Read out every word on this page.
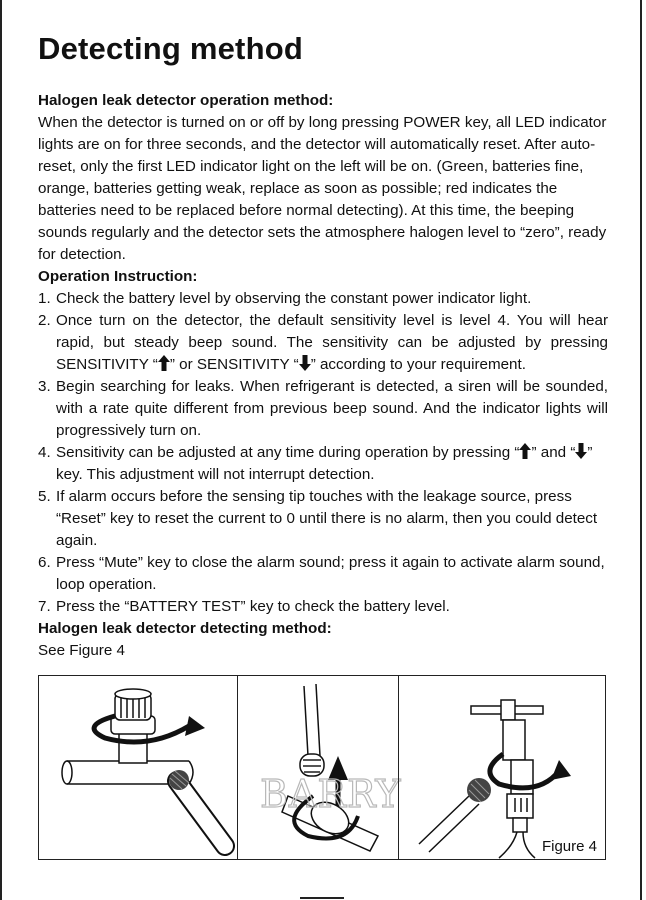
Detecting method

Halogen leak detector operation method:

When the detector is turned on or off by long pressing POWER key, all LED indicator lights are on for three seconds, and the detector will automatically reset. After auto-reset, only the first LED indicator light on the left will be on. (Green, batteries fine, orange, batteries getting weak, replace as soon as possible; red indicates the batteries need to be replaced before normal detecting). At this time, the beeping sounds regularly and the detector sets the atmosphere halogen level to “zero”, ready for detection.

Operation Instruction:

1. Check the battery level by observing the constant power indicator light.
2. Once turn on the detector, the default sensitivity level is level 4. You will hear rapid, but steady beep sound. The sensitivity can be adjusted by pressing SENSITIVITY “ ” or SENSITIVITY “ ” according to your requirement.
3. Begin searching for leaks. When refrigerant is detected, a siren will be sounded, with a rate quite different from previous beep sound. And the indicator lights will progressively turn on.
4. Sensitivity can be adjusted at any time during operation by pressing “ ” and “ ” key. This adjustment will not interrupt detection.
5. If alarm occurs before the sensing tip touches with the leakage source, press “Reset” key to reset the current to 0 until there is no alarm, then you could detect again.
6. Press “Mute” key to close the alarm sound; press it again to activate alarm sound, loop operation.
7. Press the “BATTERY TEST” key to check the battery level.

Halogen leak detector detecting method:

See Figure 4

BARRY
Figure 4
